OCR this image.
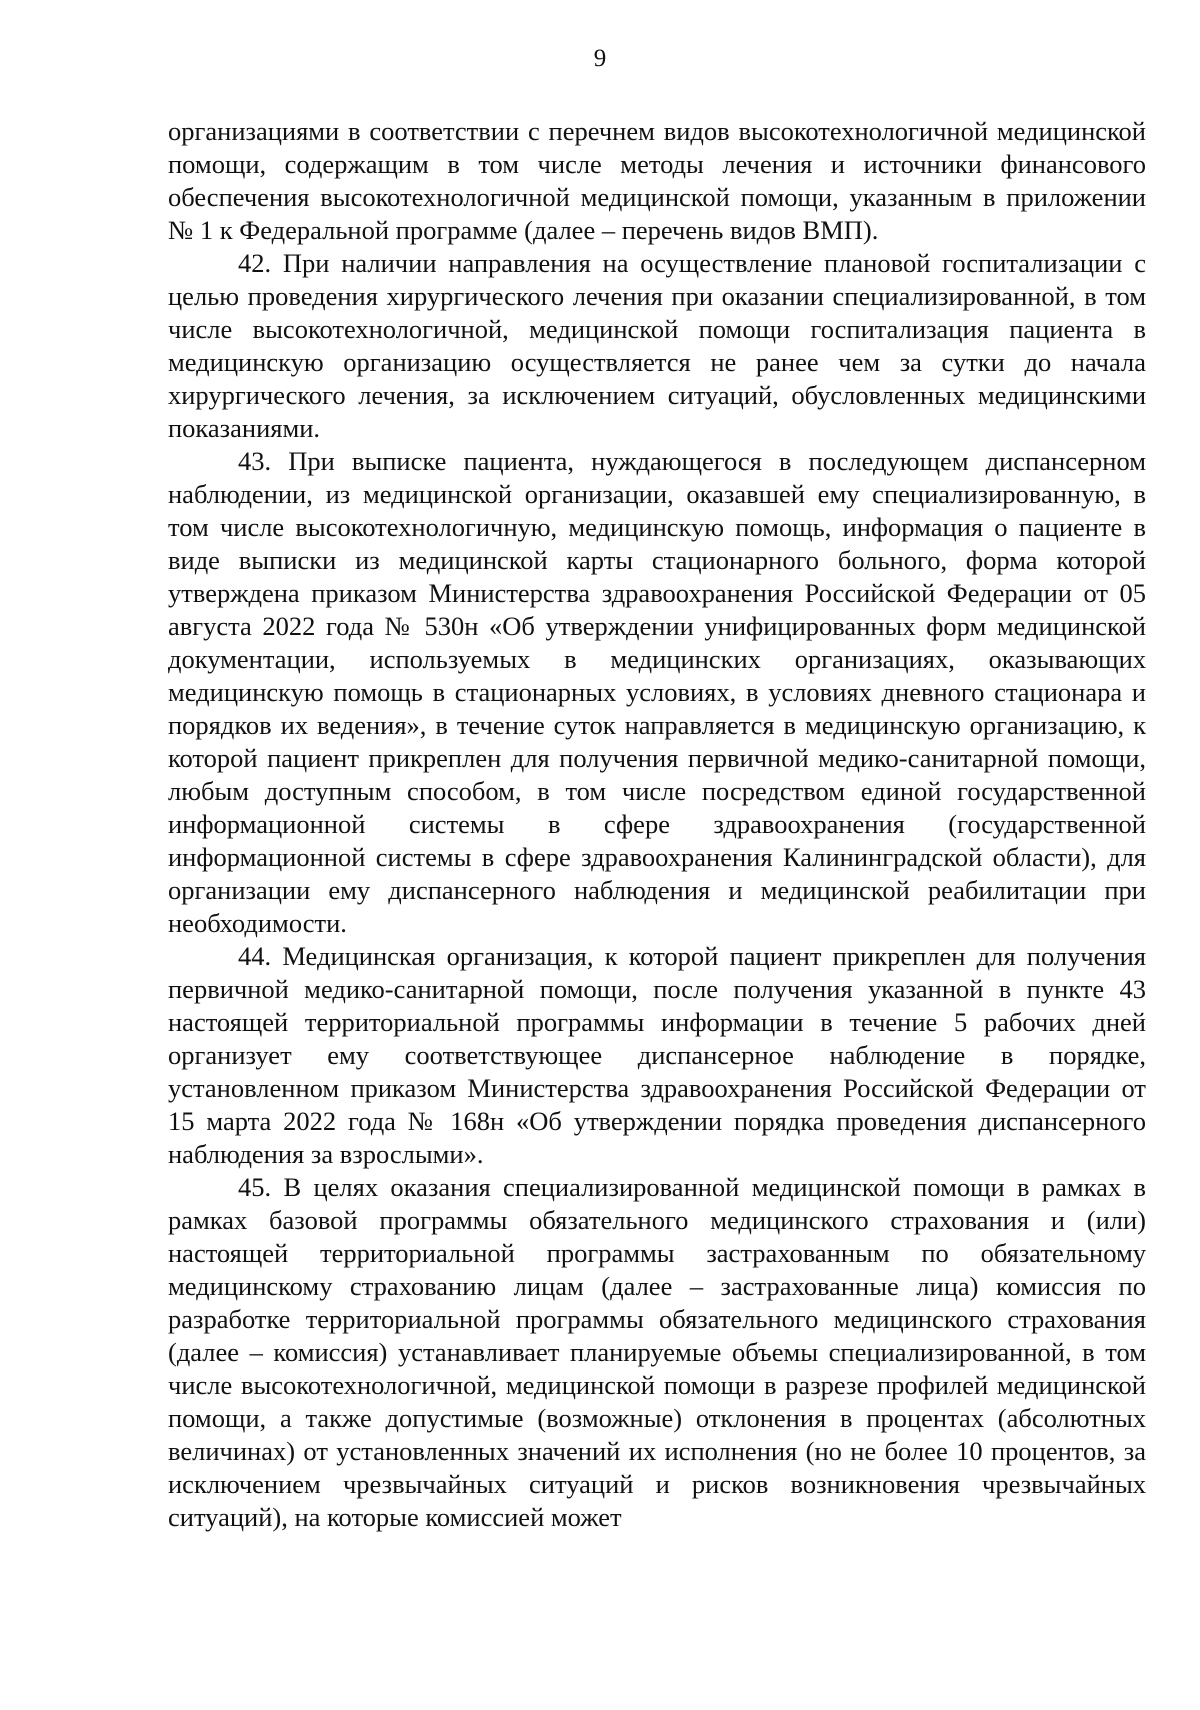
9

организациями в соответствии с перечнем видов высокотехнологичной медицинской помощи, содержащим в том числе методы лечения и источники финансового обеспечения высокотехнологичной медицинской помощи, указанным в приложении № 1 к Федеральной программе (далее – перечень видов ВМП).

42. При наличии направления на осуществление плановой госпитализации с целью проведения хирургического лечения при оказании специализированной, в том числе высокотехнологичной, медицинской помощи госпитализация пациента в медицинскую организацию осуществляется не ранее чем за сутки до начала хирургического лечения, за исключением ситуаций, обусловленных медицинскими показаниями.

43. При выписке пациента, нуждающегося в последующем диспансерном наблюдении, из медицинской организации, оказавшей ему специализированную, в том числе высокотехнологичную, медицинскую помощь, информация о пациенте в виде выписки из медицинской карты стационарного больного, форма которой утверждена приказом Министерства здравоохранения Российской Федерации от 05 августа 2022 года № 530н «Об утверждении унифицированных форм медицинской документации, используемых в медицинских организациях, оказывающих медицинскую помощь в стационарных условиях, в условиях дневного стационара и порядков их ведения», в течение суток направляется в медицинскую организацию, к которой пациент прикреплен для получения первичной медико-санитарной помощи, любым доступным способом, в том числе посредством единой государственной информационной системы в сфере здравоохранения (государственной информационной системы в сфере здравоохранения Калининградской области), для организации ему диспансерного наблюдения и медицинской реабилитации при необходимости.

44. Медицинская организация, к которой пациент прикреплен для получения первичной медико-санитарной помощи, после получения указанной в пункте 43 настоящей территориальной программы информации в течение 5 рабочих дней организует ему соответствующее диспансерное наблюдение в порядке, установленном приказом Министерства здравоохранения Российской Федерации от 15 марта 2022 года № 168н «Об утверждении порядка проведения диспансерного наблюдения за взрослыми».

45. В целях оказания специализированной медицинской помощи в рамках в рамках базовой программы обязательного медицинского страхования и (или) настоящей территориальной программы застрахованным по обязательному медицинскому страхованию лицам (далее – застрахованные лица) комиссия по разработке территориальной программы обязательного медицинского страхования (далее – комиссия) устанавливает планируемые объемы специализированной, в том числе высокотехнологичной, медицинской помощи в разрезе профилей медицинской помощи, а также допустимые (возможные) отклонения в процентах (абсолютных величинах) от установленных значений их исполнения (но не более 10 процентов, за исключением чрезвычайных ситуаций и рисков возникновения чрезвычайных ситуаций), на которые комиссией может
